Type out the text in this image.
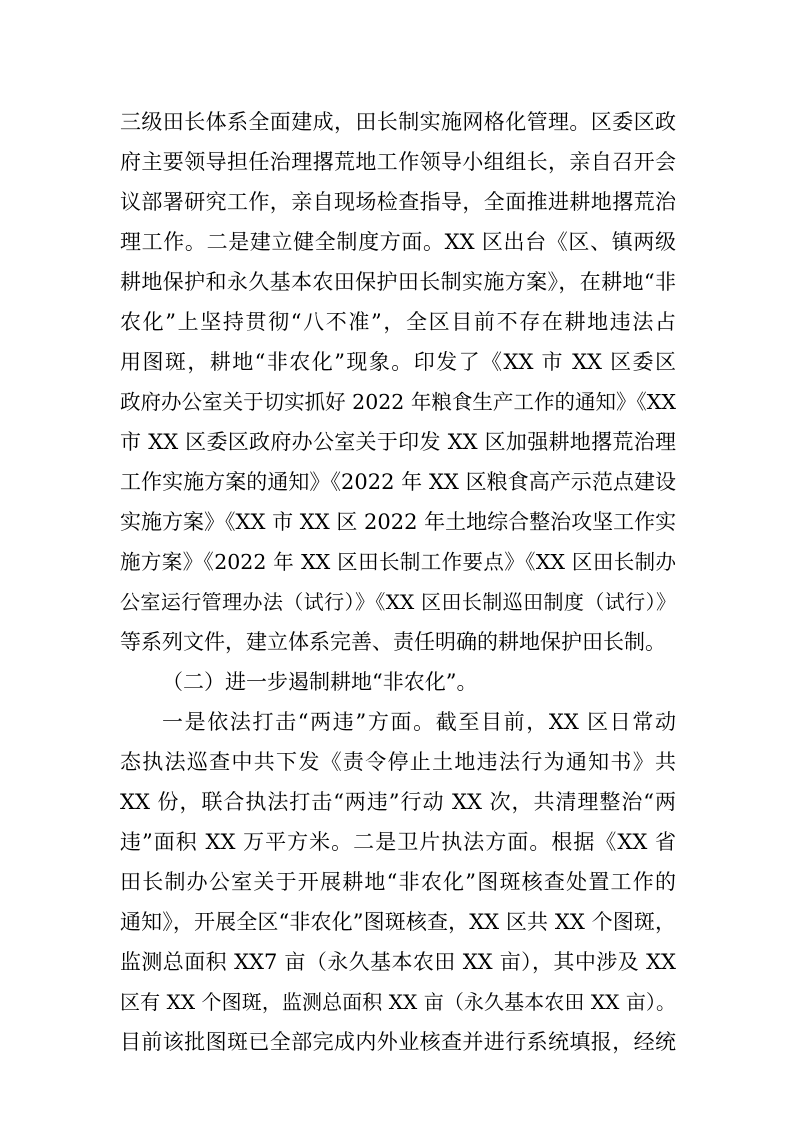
三级田长体系全面建成，田长制实施网格化管理。区委区政
府主要领导担任治理撂荒地工作领导小组组长，亲自召开会
议部署研究工作，亲自现场检查指导，全面推进耕地撂荒治
理工作。二是建立健全制度方面。XX 区出台《区、镇两级
耕地保护和永久基本农田保护田长制实施方案》，在耕地“非
农化”上坚持贯彻“八不准”，全区目前不存在耕地违法占
用图斑，耕地“非农化”现象。印发了《XX 市 XX 区委区
政府办公室关于切实抓好 2022 年粮食生产工作的通知》《XX
市 XX 区委区政府办公室关于印发 XX 区加强耕地撂荒治理
工作实施方案的通知》《2022 年 XX 区粮食高产示范点建设
实施方案》《XX 市 XX 区 2022 年土地综合整治攻坚工作实
施方案》《2022 年 XX 区田长制工作要点》《XX 区田长制办
公室运行管理办法（试行）》《XX 区田长制巡田制度（试行）》
等系列文件，建立体系完善、责任明确的耕地保护田长制。
（二）进一步遏制耕地“非农化”。
一是依法打击“两违”方面。截至目前，XX 区日常动
态执法巡查中共下发《责令停止土地违法行为通知书》共
XX 份，联合执法打击“两违”行动 XX 次，共清理整治“两
违”面积 XX 万平方米。二是卫片执法方面。根据《XX 省
田长制办公室关于开展耕地“非农化”图斑核查处置工作的
通知》，开展全区“非农化”图斑核查，XX 区共 XX 个图斑，
监测总面积 XX7 亩（永久基本农田 XX 亩），其中涉及 XX
区有 XX 个图斑，监测总面积 XX 亩（永久基本农田 XX 亩）。
目前该批图斑已全部完成内外业核查并进行系统填报，经统
